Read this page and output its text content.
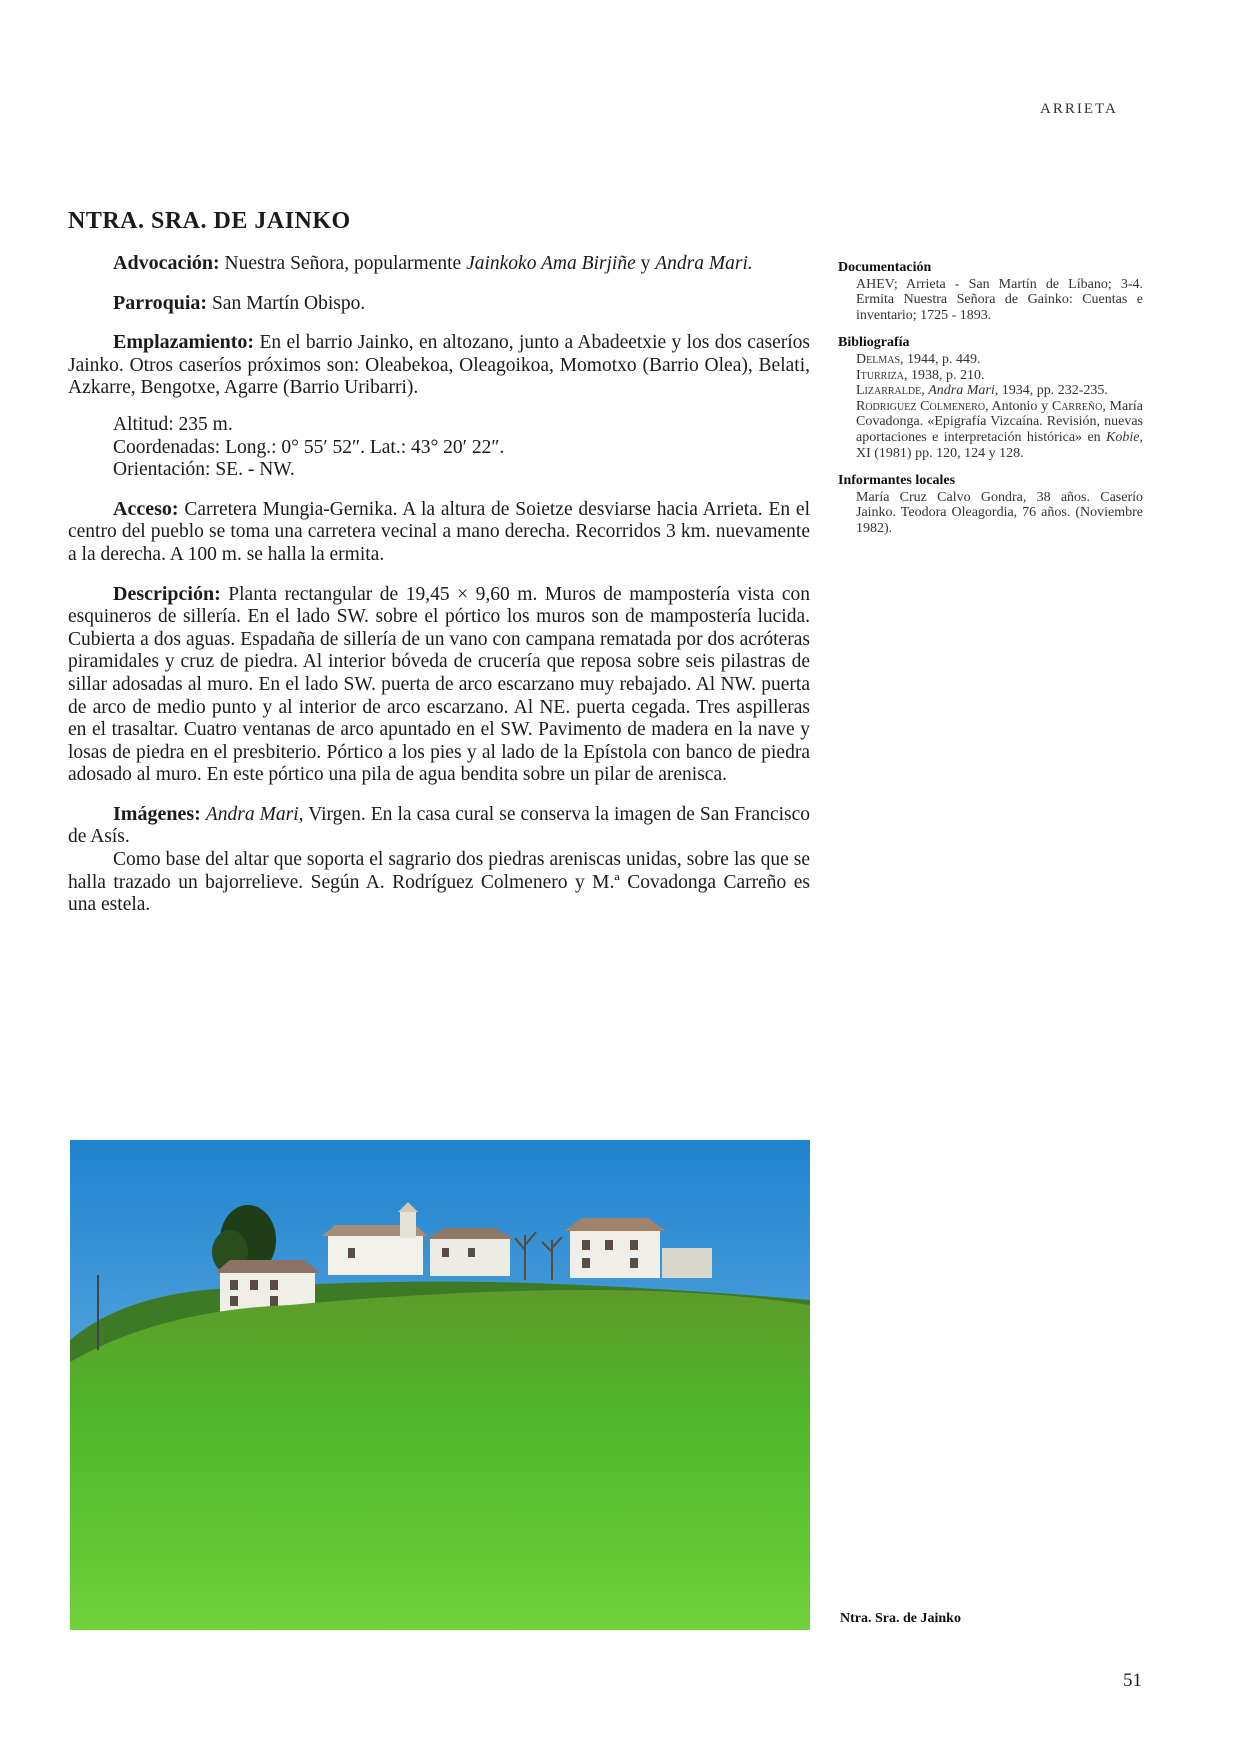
ARRIETA
NTRA. SRA. DE JAINKO

Advocación: Nuestra Señora, popularmente Jainkoko Ama Birjiñe y Andra Mari.

Parroquia: San Martín Obispo.

Emplazamiento: En el barrio Jainko, en altozano, junto a Abadeetxie y los dos caseríos Jainko. Otros caseríos próximos son: Oleabekoa, Oleagoikoa, Momotxo (Barrio Olea), Belati, Azkarre, Bengotxe, Agarre (Barrio Uribarri).

Altitud: 235 m.
Coordenadas: Long.: 0° 55′ 52″. Lat.: 43° 20′ 22″.
Orientación: SE. - NW.

Acceso: Carretera Mungia-Gernika. A la altura de Soietze desviarse hacia Arrieta. En el centro del pueblo se toma una carretera vecinal a mano derecha. Recorridos 3 km. nuevamente a la derecha. A 100 m. se halla la ermita.

Descripción: Planta rectangular de 19,45 × 9,60 m. Muros de mampostería vista con esquineros de sillería. En el lado SW. sobre el pórtico los muros son de mampostería lucida. Cubierta a dos aguas. Espadaña de sillería de un vano con campana rematada por dos acróteras piramidales y cruz de piedra. Al interior bóveda de crucería que reposa sobre seis pilastras de sillar adosadas al muro. En el lado SW. puerta de arco escarzano muy rebajado. Al NW. puerta de arco de medio punto y al interior de arco escarzano. Al NE. puerta cegada. Tres aspilleras en el trasaltar. Cuatro ventanas de arco apuntado en el SW. Pavimento de madera en la nave y losas de piedra en el presbiterio. Pórtico a los pies y al lado de la Epístola con banco de piedra adosado al muro. En este pórtico una pila de agua bendita sobre un pilar de arenisca.

Imágenes: Andra Mari, Virgen. En la casa cural se conserva la imagen de San Francisco de Asís.

Como base del altar que soporta el sagrario dos piedras areniscas unidas, sobre las que se halla trazado un bajorrelieve. Según A. Rodríguez Colmenero y M.ª Covadonga Carreño es una estela.

Documentación
AHEV; Arrieta - San Martín de Líbano; 3-4. Ermita Nuestra Señora de Gainko: Cuentas e inventario; 1725 - 1893.
Bibliografía
Delmas, 1944, p. 449.
Iturriza, 1938, p. 210.
Lizarralde, Andra Mari, 1934, pp. 232-235.
Rodriguez Colmenero, Antonio y Carreño, María Covadonga. «Epigrafía Vizcaína. Revisión, nuevas aportaciones e interpretación histórica» en Kobie, XI (1981) pp. 120, 124 y 128.
Informantes locales
María Cruz Calvo Gondra, 38 años. Caserío Jainko. Teodora Oleagordia, 76 años. (Noviembre 1982).
Ntra. Sra. de Jainko
51
